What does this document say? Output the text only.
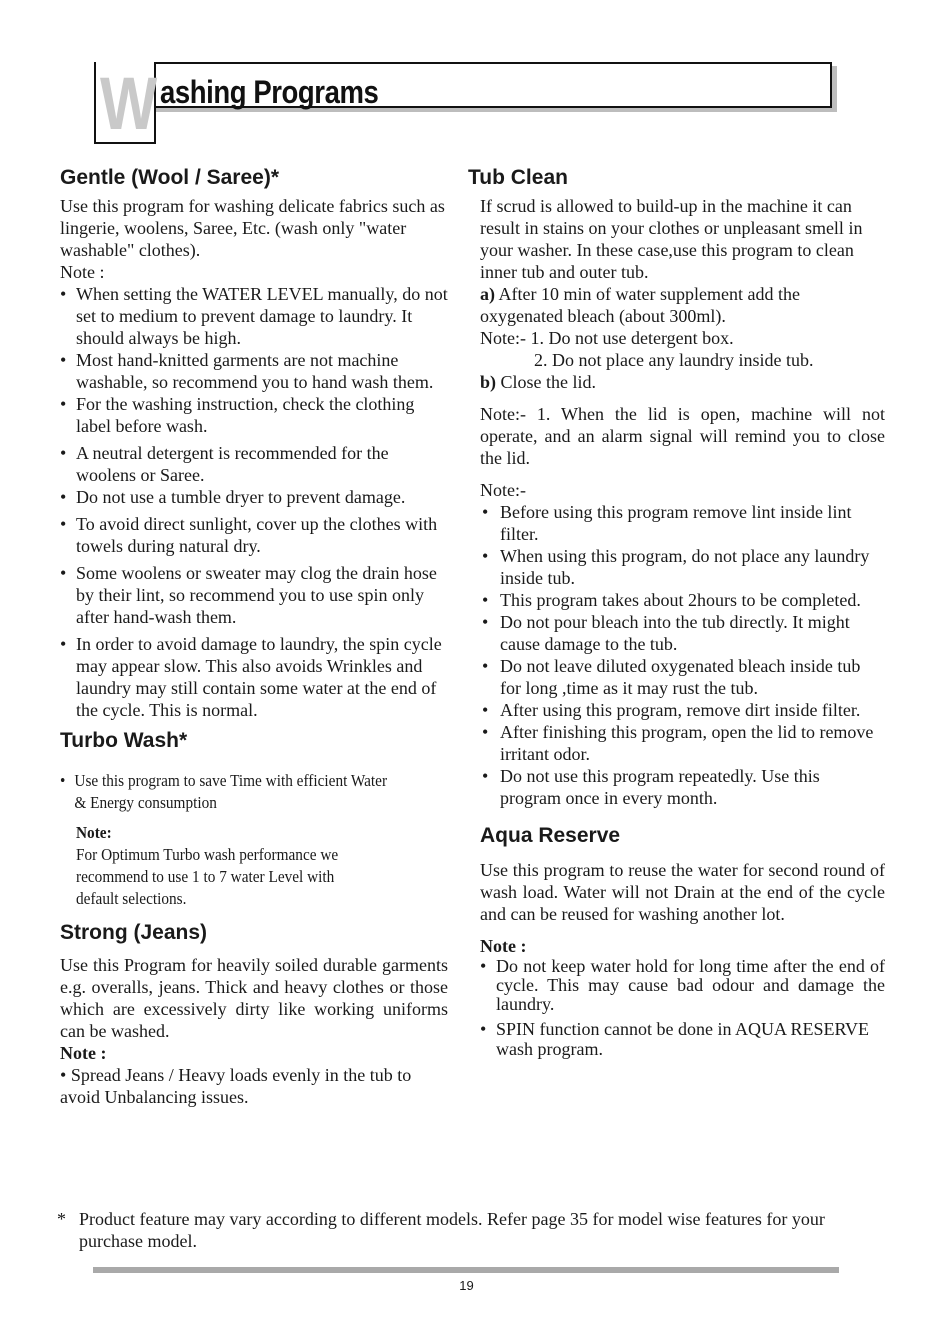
W ashing Programs
Gentle (Wool / Saree)*

Use this program for washing delicate fabrics such as lingerie, woolens, Saree, Etc. (wash only "water washable" clothes).

Note :

• When setting the WATER LEVEL manually, do not set to medium to prevent damage to laundry. It should always be high.
• Most hand-knitted garments are not machine washable, so recommend you to hand wash them.
• For the washing instruction, check the clothing label before wash.
• A neutral detergent is recommended for the woolens or Saree.
• Do not use a tumble dryer to prevent damage.
• To avoid direct sunlight, cover up the clothes with towels during natural dry.
• Some woolens or sweater may clog the drain hose by their lint, so recommend you to use spin only after hand-wash them.
• In order to avoid damage to laundry, the spin cycle may appear slow. This also avoids Wrinkles and laundry may still contain some water at the end of the cycle. This is normal.
Turbo Wash*
• Use this program to save Time with efficient Water & Energy consumption

Note:

For Optimum Turbo wash performance we recommend to use 1 to 7 water Level with default selections.

Strong (Jeans)

Use this Program for heavily soiled durable garments e.g. overalls, jeans. Thick and heavy clothes or those which are excessively dirty like working uniforms can be washed.

Note :

• Spread Jeans / Heavy loads evenly in the tub to avoid Unbalancing issues.

Tub Clean

If scrud is allowed to build-up in the machine it can result in stains on your clothes or unpleasant smell in your washer. In these case,use this program to clean inner tub and outer tub.

a) After 10 min of water supplement add the oxygenated bleach (about 300ml).

Note:- 1. Do not use detergent box.

2. Do not place any laundry inside tub.

b) Close the lid.

Note:- 1. When the lid is open, machine will not operate, and an alarm signal will remind you to close the lid.

Note:-

• Before using this program remove lint inside lint filter.
• When using this program, do not place any laundry inside tub.
• This program takes about 2hours to be completed.
• Do not pour bleach into the tub directly. It might cause damage to the tub.
• Do not leave diluted oxygenated bleach inside tub for long ,time as it may rust the tub.
• After using this program, remove dirt inside filter.
• After finishing this program, open the lid to remove irritant odor.
• Do not use this program repeatedly. Use this program once in every month.
Aqua Reserve

Use this program to reuse the water for second round of wash load. Water will not Drain at the end of the cycle and can be reused for washing another lot.

Note :

• Do not keep water hold for long time after the end of cycle. This may cause bad odour and damage the laundry.
• SPIN function cannot be done in AQUA RESERVE wash program.
* Product feature may vary according to different models. Refer page 35 for model wise features for your purchase model.
19
